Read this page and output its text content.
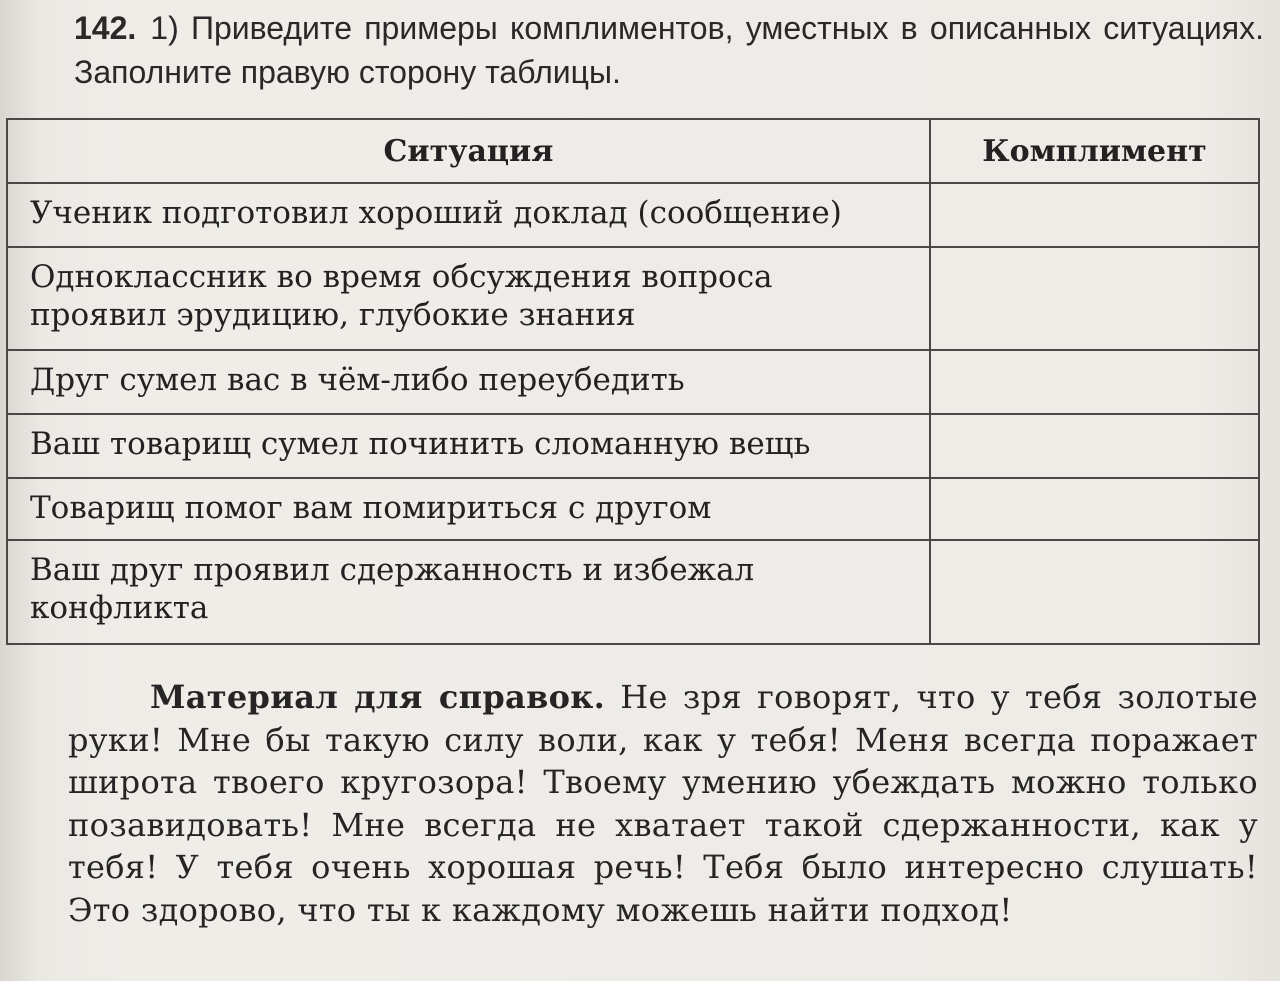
142. 1) Приведите примеры комплиментов, уместных в описанных ситуациях. Заполните правую сторону таблицы.
Ситуация	Комплимент
Ученик подготовил хороший доклад (сообщение)	
Одноклассник во время обсуждения вопроса проявил эрудицию, глубокие знания	
Друг сумел вас в чём-либо переубедить	
Ваш товарищ сумел починить сломанную вещь	
Товарищ помог вам помириться с другом	
Ваш друг проявил сдержанность и избежал конфликта	
Материал для справок. Не зря говорят, что у тебя золотые руки! Мне бы такую силу воли, как у тебя! Меня всегда поражает широта твоего кругозора! Твоему умению убеждать можно только позавидовать! Мне всегда не хватает такой сдержанности, как у тебя! У тебя очень хорошая речь! Тебя было интересно слушать! Это здорово, что ты к каждому можешь найти подход!
